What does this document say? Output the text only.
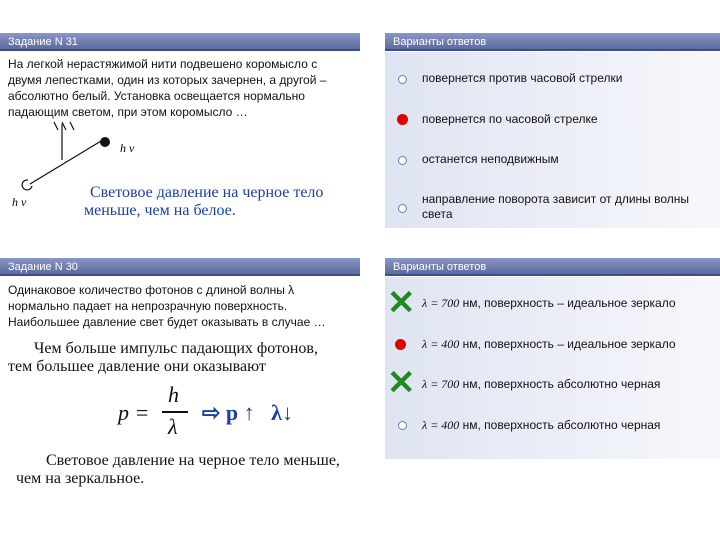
Задание N 31
На легкой нерастяжимой нити подвешено коромысло с двумя лепестками, один из которых зачернен, а другой – абсолютно белый. Установка освещается нормально падающим светом, при этом коромысло …
h ν
h ν
Световое давление на черное тело меньше, чем на белое.
Варианты ответов
повернется против часовой стрелки
повернется по часовой стрелке
останется неподвижным
направление поворота зависит от длины волны света
Задание N 30
Одинаковое количество фотонов с длиной волны λ нормально падает на непрозрачную поверхность. Наибольшее давление свет будет оказывать в случае …
Чем больше импульс падающих фотонов, тем большее давление они оказывают
p =
h
λ
⇨ p ↑   λ↓
Световое давление на черное тело меньше, чем на зеркальное.
Варианты ответов
✕ λ = 700 нм, поверхность – идеальное зеркало
λ = 400 нм, поверхность – идеальное зеркало
✕ λ = 700 нм, поверхность абсолютно черная
λ = 400 нм, поверхность абсолютно черная
